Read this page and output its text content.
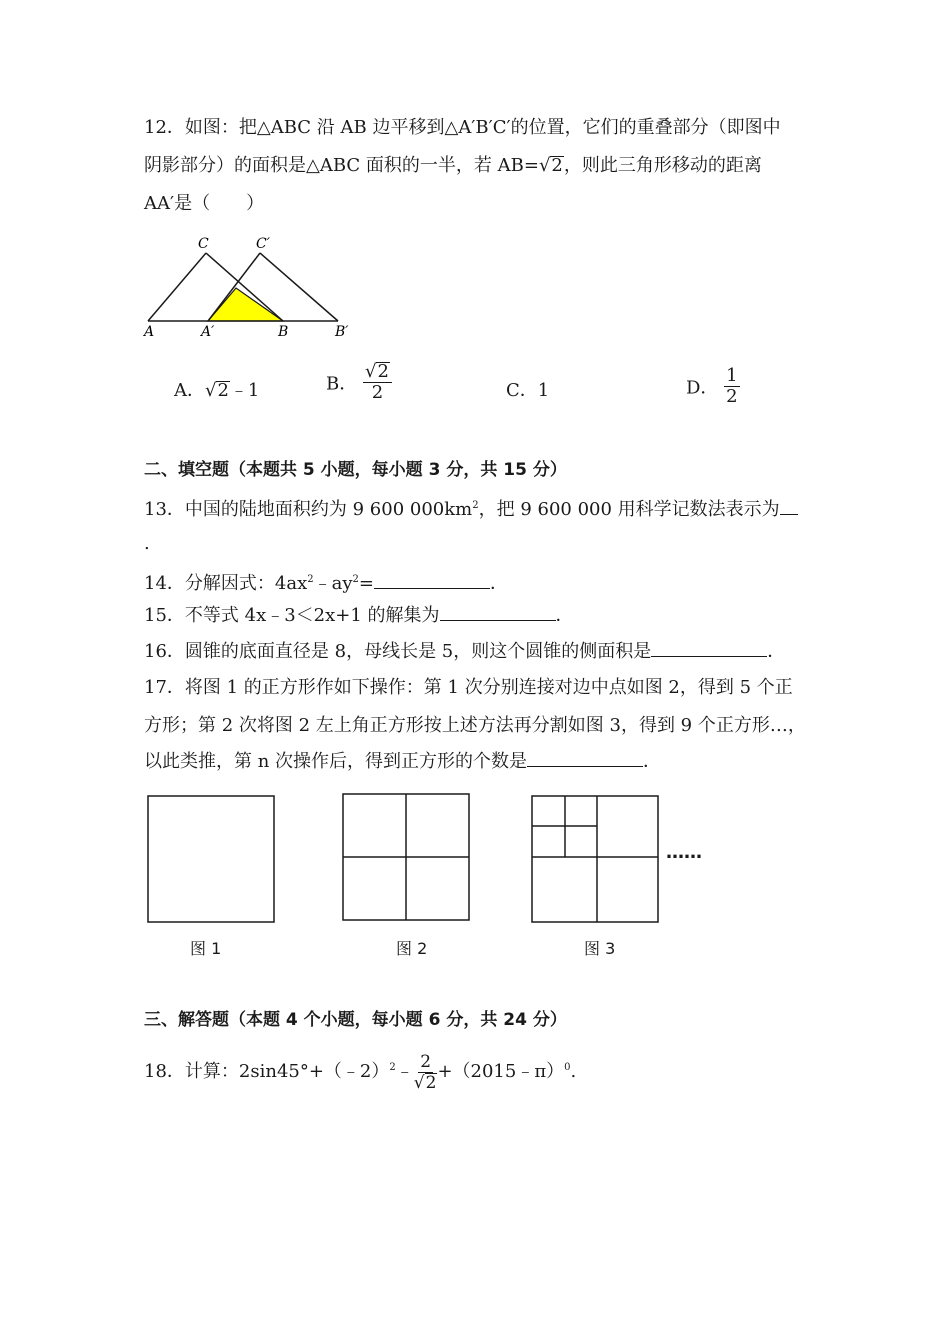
12．如图：把△ABC 沿 AB 边平移到△A′B′C′的位置，它们的重叠部分（即图中
阴影部分）的面积是△ABC 面积的一半，若 AB=√2，则此三角形移动的距离
AA′是（　　）
C	C′
A	A′	B	B′
A．√2﹣1	B． $\frac{√2}{2}$	C．1	D． $\frac{1}{2}$
二、填空题（本题共 5 小题，每小题 3 分，共 15 分）
13．中国的陆地面积约为 9 600 $000km^2$，把 9 600 000 用科学记数法表示为
.
14．分解因式：$4ax^2﹣ay^2=$	．
15．不等式 4x﹣3＜2x+1 的解集为	．
16．圆锥的底面直径是 8，母线长是 5，则这个圆锥的侧面积是	．
17．将图 1 的正方形作如下操作：第 1 次分别连接对边中点如图 2，得到 5 个正
方形；第 2 次将图 2 左上角正方形按上述方法再分割如图 3，得到 9 个正方形…，
以此类推，第 n 次操作后，得到正方形的个数是	．
……
图 1	图 2	图 3
三、解答题（本题 4 个小题，每小题 6 分，共 24 分）
18．计算：2sin45°+（﹣2）$^2$﹣ $\frac{2}{√2}$ +（2015﹣π）$^0$.
